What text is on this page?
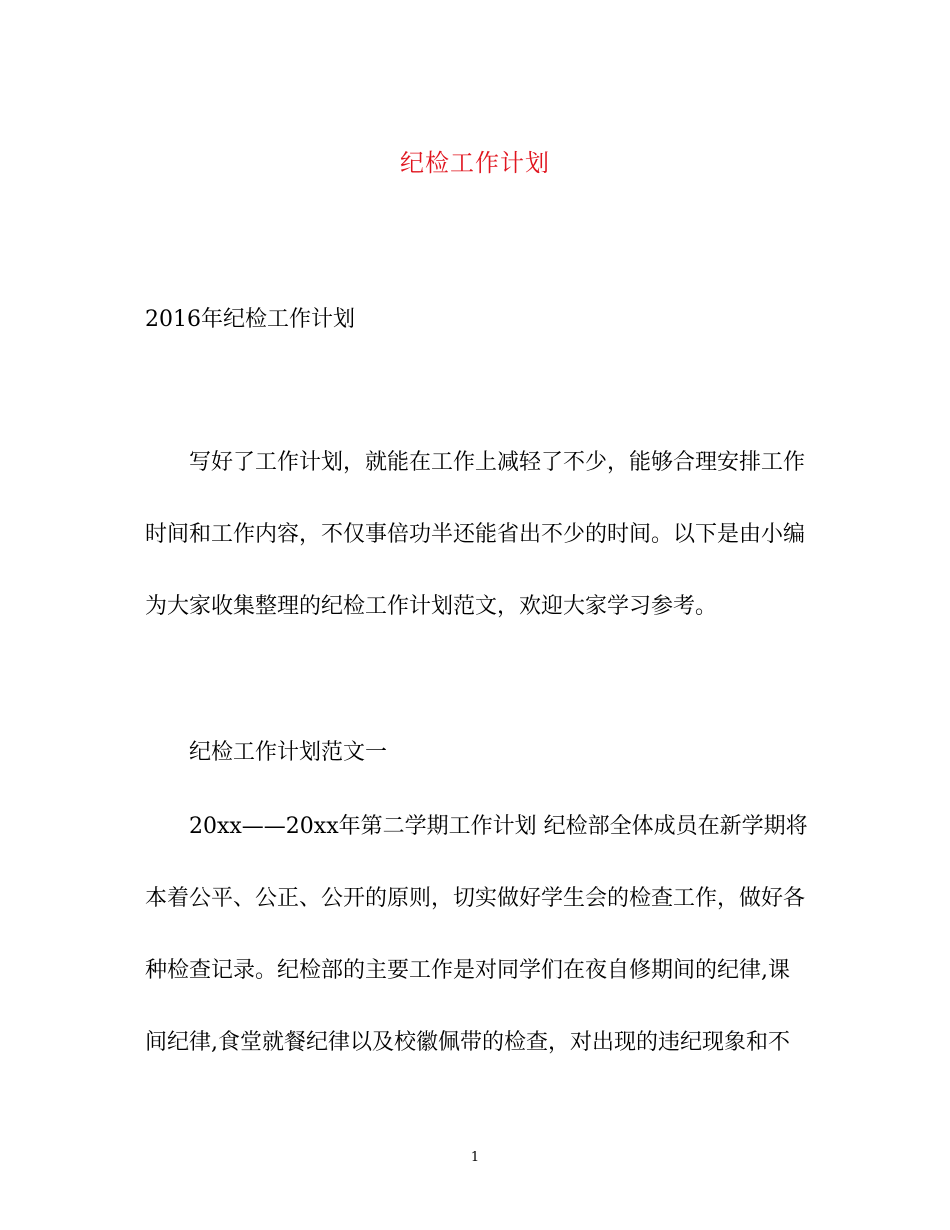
纪检工作计划
2016年纪检工作计划
写好了工作计划，就能在工作上减轻了不少，能够合理安排工作
时间和工作内容，不仅事倍功半还能省出不少的时间。以下是由小编
为大家收集整理的纪检工作计划范文，欢迎大家学习参考。
纪检工作计划范文一
20xx——20xx年第二学期工作计划 纪检部全体成员在新学期将
本着公平、公正、公开的原则，切实做好学生会的检查工作，做好各
种检查记录。纪检部的主要工作是对同学们在夜自修期间的纪律,课
间纪律,食堂就餐纪律以及校徽佩带的检查，对出现的违纪现象和不
1
